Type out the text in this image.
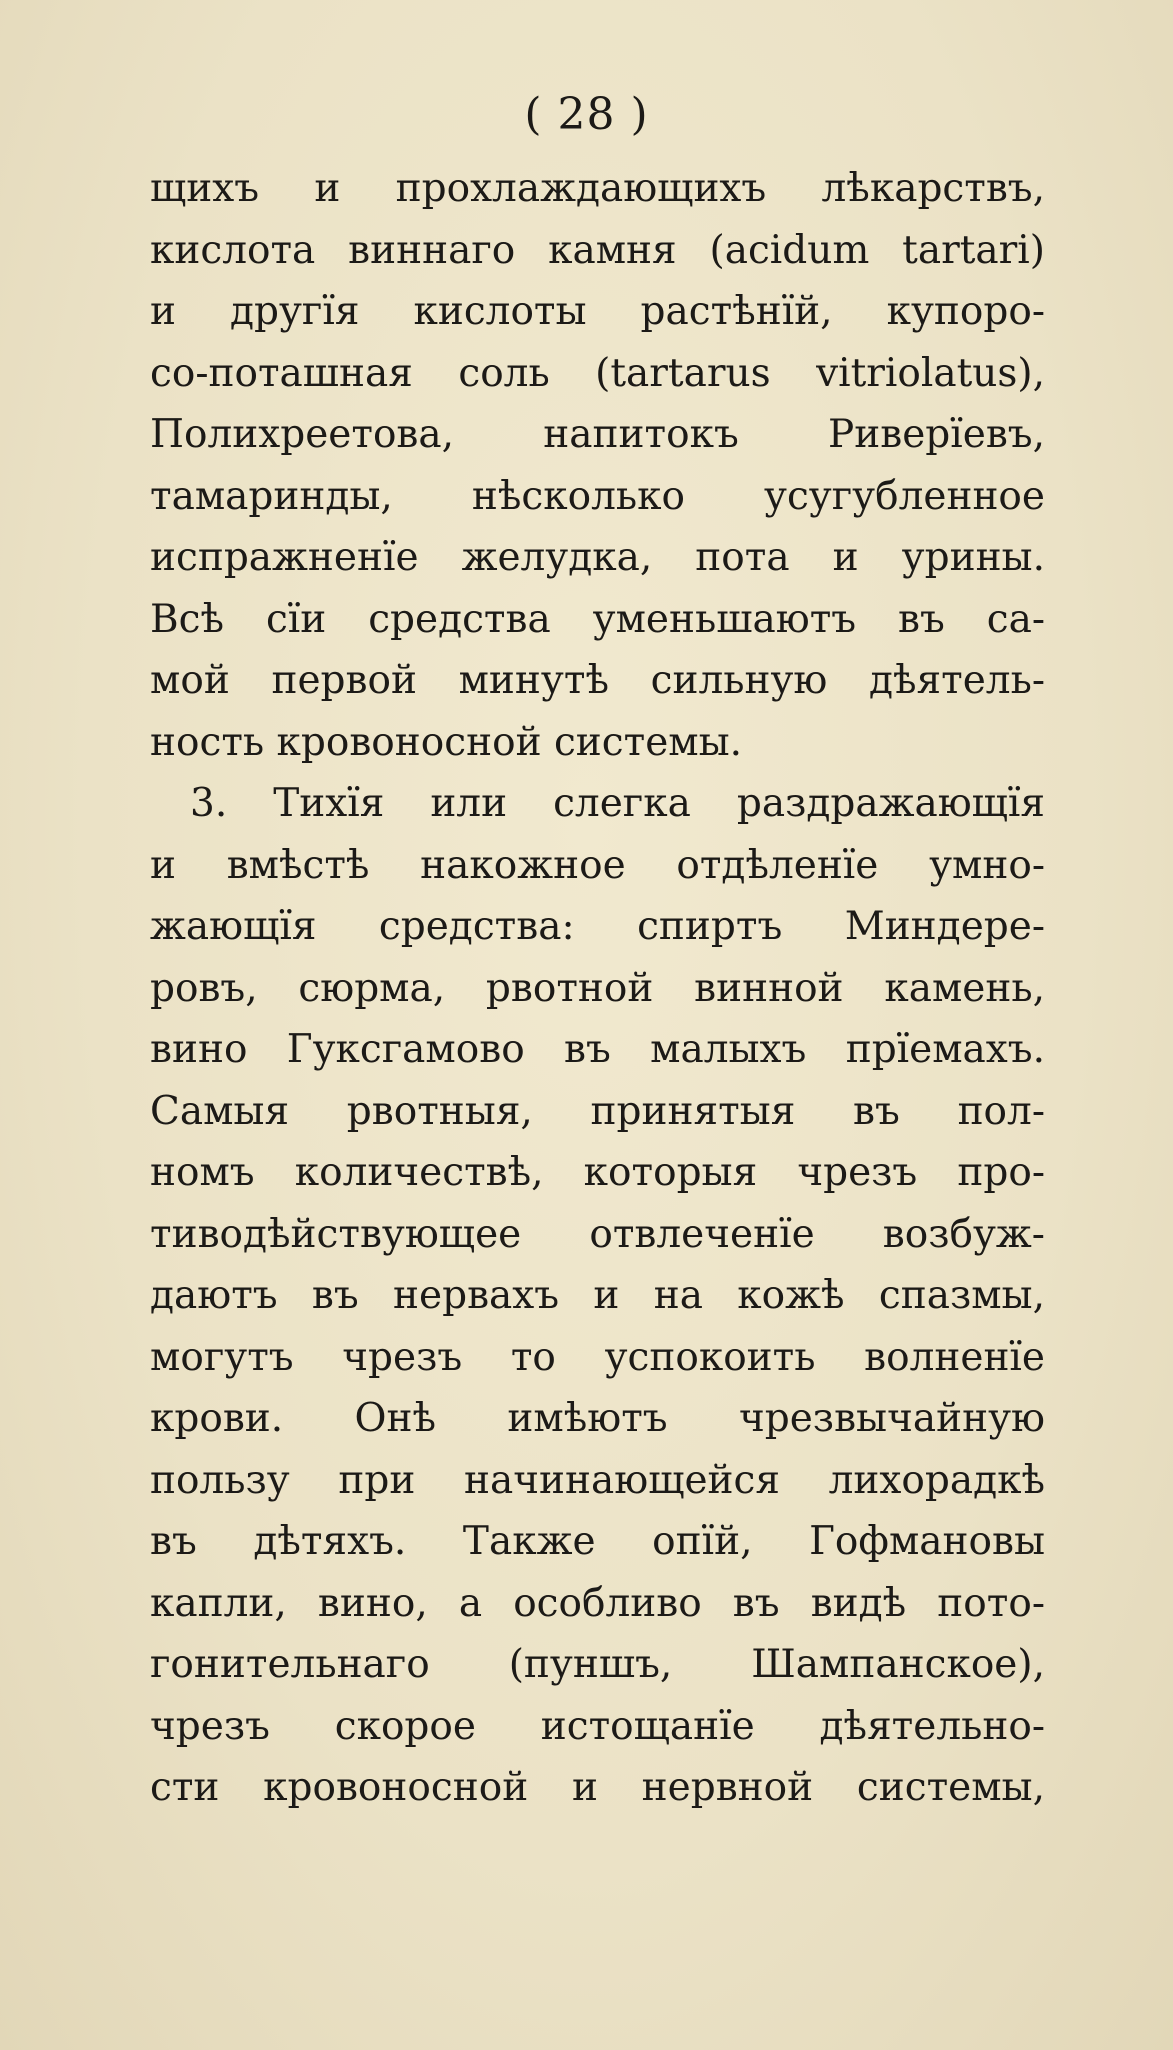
( 28 )
щихъ и прохлаждающихъ лѣкарствъ,
кислота виннаго камня (acidum tartari)
и другїя кислоты растѣнїй, купоро-
со-поташная соль (tartarus vitriolatus),
Полихреетова, напитокъ Риверїевъ,
тамаринды, нѣсколько усугубленное
испражненїе желудка, пота и урины.
Всѣ сїи средства уменьшаютъ въ са-
мой первой минутѣ сильную дѣятель-
ность кровоносной системы.
3. Тихїя или слегка раздражающїя
и вмѣстѣ накожное отдѣленїе умно-
жающїя средства: спиртъ Миндере-
ровъ, сюрма, рвотной винной камень,
вино Гуксгамово въ малыхъ прїемахъ.
Самыя рвотныя, принятыя въ пол-
номъ количествѣ, которыя чрезъ про-
тиводѣйствующее отвлеченїе возбуж-
даютъ въ нервахъ и на кожѣ спазмы,
могутъ чрезъ то успокоить волненїе
крови. Онѣ имѣютъ чрезвычайную
пользу при начинающейся лихорадкѣ
въ дѣтяхъ. Также опїй, Гофмановы
капли, вино, а особливо въ видѣ пото-
гонительнаго (пуншъ, Шампанское),
чрезъ скорое истощанїе дѣятельно-
сти кровоносной и нервной системы,
